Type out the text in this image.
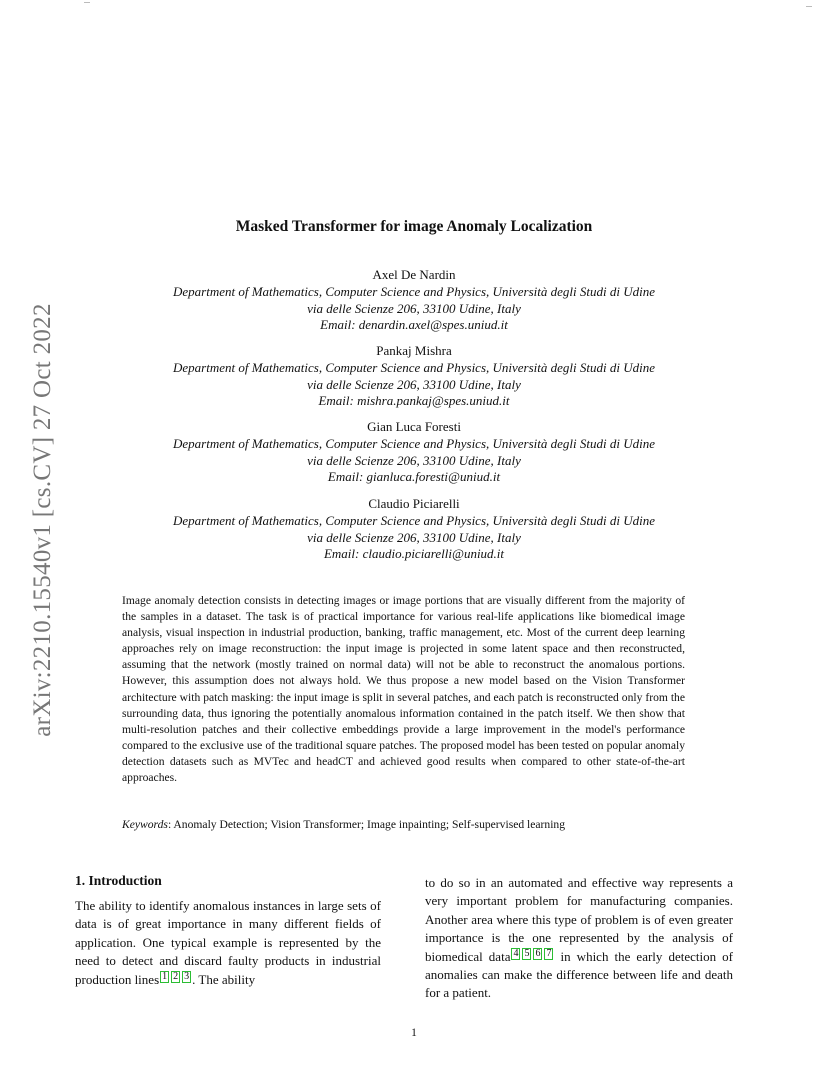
arXiv:2210.15540v1 [cs.CV] 27 Oct 2022
Masked Transformer for image Anomaly Localization
Axel De Nardin
Department of Mathematics, Computer Science and Physics, Università degli Studi di Udine
via delle Scienze 206, 33100 Udine, Italy
Email: denardin.axel@spes.uniud.it
Pankaj Mishra
Department of Mathematics, Computer Science and Physics, Università degli Studi di Udine
via delle Scienze 206, 33100 Udine, Italy
Email: mishra.pankaj@spes.uniud.it
Gian Luca Foresti
Department of Mathematics, Computer Science and Physics, Università degli Studi di Udine
via delle Scienze 206, 33100 Udine, Italy
Email: gianluca.foresti@uniud.it
Claudio Piciarelli
Department of Mathematics, Computer Science and Physics, Università degli Studi di Udine
via delle Scienze 206, 33100 Udine, Italy
Email: claudio.piciarelli@uniud.it
Image anomaly detection consists in detecting images or image portions that are visually different from the majority of the samples in a dataset. The task is of practical importance for various real-life applications like biomedical image analysis, visual inspection in industrial production, banking, traffic management, etc. Most of the current deep learning approaches rely on image reconstruction: the input image is projected in some latent space and then reconstructed, assuming that the network (mostly trained on normal data) will not be able to reconstruct the anomalous portions. However, this assumption does not always hold. We thus propose a new model based on the Vision Transformer architecture with patch masking: the input image is split in several patches, and each patch is reconstructed only from the surrounding data, thus ignoring the potentially anomalous information contained in the patch itself. We then show that multi-resolution patches and their collective embeddings provide a large improvement in the model's performance compared to the exclusive use of the traditional square patches. The proposed model has been tested on popular anomaly detection datasets such as MVTec and headCT and achieved good results when compared to other state-of-the-art approaches.
Keywords: Anomaly Detection; Vision Transformer; Image inpainting; Self-supervised learning
1. Introduction
The ability to identify anomalous instances in large sets of data is of great importance in many different fields of application. One typical example is represented by the need to detect and discard faulty products in industrial production lines 1 2 3 . The ability
to do so in an automated and effective way represents a very important problem for manufacturing companies. Another area where this type of problem is of even greater importance is the one represented by the analysis of biomedical data 4 5 6 7 in which the early detection of anomalies can make the difference between life and death for a patient.
1
